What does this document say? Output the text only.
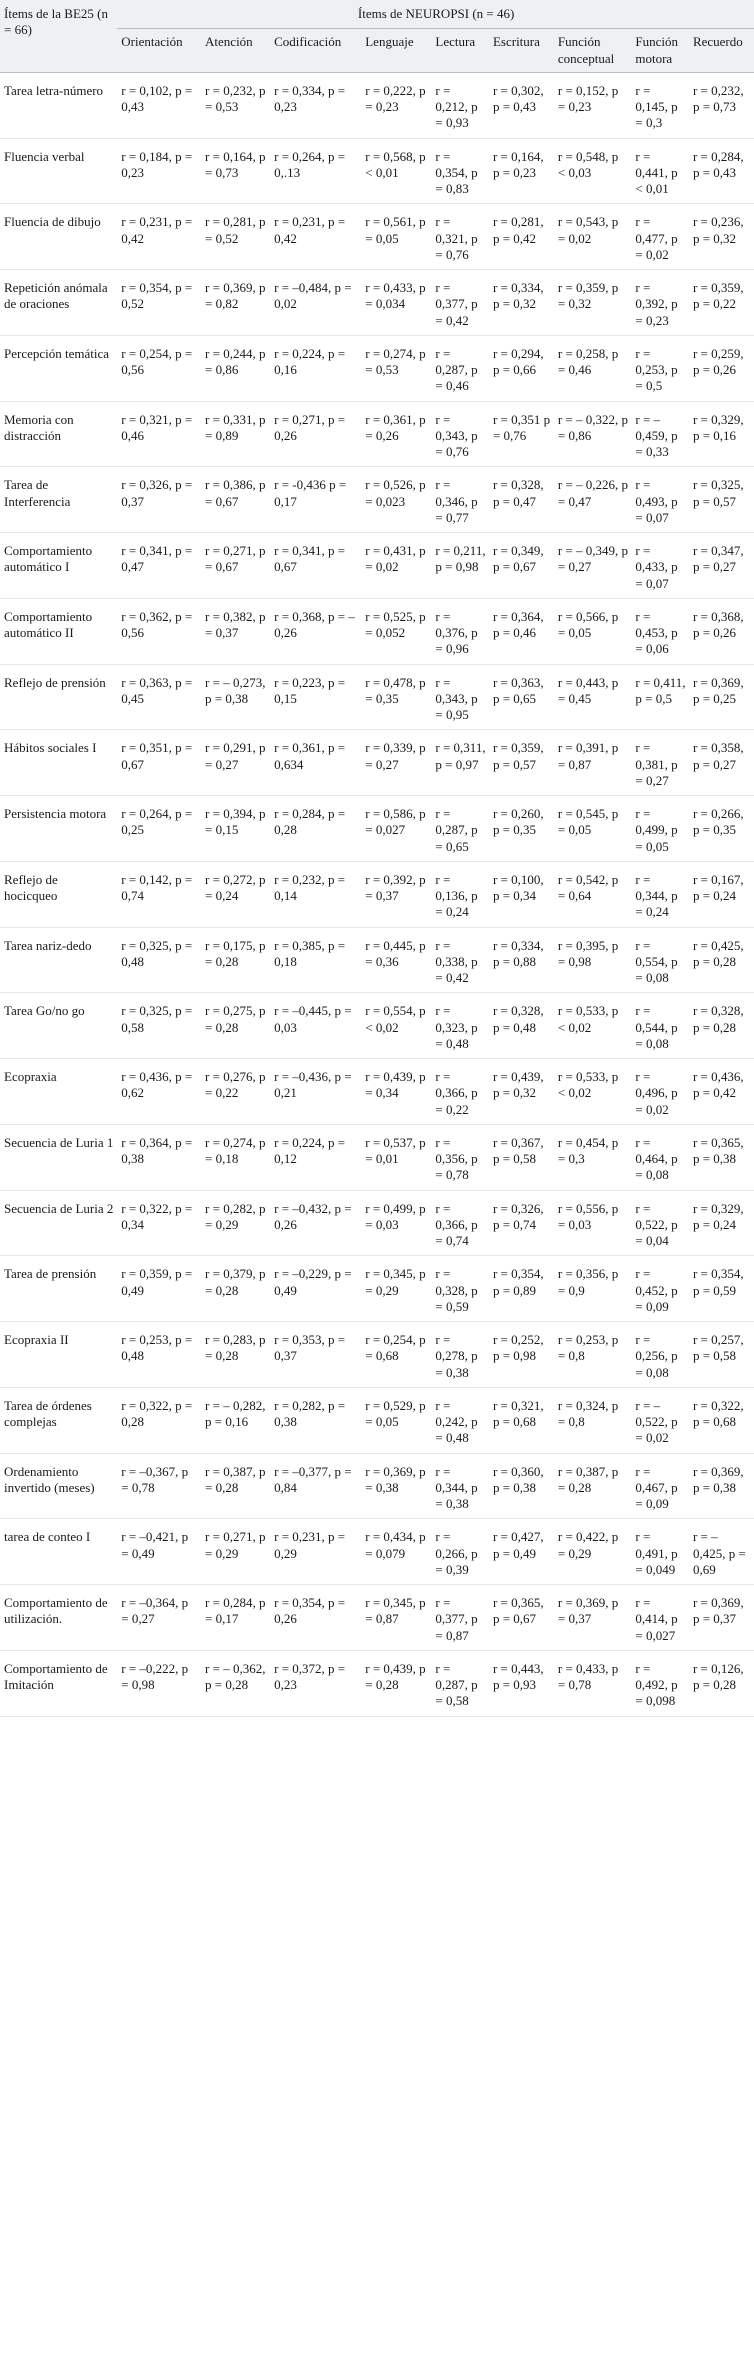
Ítems de la BE25 (n = 66)	Ítems de NEUROPSI (n = 46)								
	Orientación	Atención	Codificación	Lenguaje	Lectura	Escritura	Función conceptual	Función motora	Recuerdo
Tarea letra-número	r = 0,102, p = 0,43	r = 0,232, p = 0,53	r = 0,334, p = 0,23	r = 0,222, p = 0,23	r = 0,212, p = 0,93	r = 0,302, p = 0,43	r = 0,152, p = 0,23	r = 0,145, p = 0,3	r = 0,232, p = 0,73
Fluencia verbal	r = 0,184, p = 0,23	r = 0,164, p = 0,73	r = 0,264, p = 0,.13	r = 0,568, p < 0,01	r = 0,354, p = 0,83	r = 0,164, p = 0,23	r = 0,548, p < 0,03	r = 0,441, p < 0,01	r = 0,284, p = 0,43
Fluencia de dibujo	r = 0,231, p = 0,42	r = 0,281, p = 0,52	r = 0,231, p = 0,42	r = 0,561, p = 0,05	r = 0,321, p = 0,76	r = 0,281, p = 0,42	r = 0,543, p = 0,02	r = 0,477, p = 0,02	r = 0,236, p = 0,32
Repetición anómala de oraciones	r = 0,354, p = 0,52	r = 0,369, p = 0,82	r = –0,484, p = 0,02	r = 0,433, p = 0,034	r = 0,377, p = 0,42	r = 0,334, p = 0,32	r = 0,359, p = 0,32	r = 0,392, p = 0,23	r = 0,359, p = 0,22
Percepción temática	r = 0,254, p = 0,56	r = 0,244, p = 0,86	r = 0,224, p = 0,16	r = 0,274, p = 0,53	r = 0,287, p = 0,46	r = 0,294, p = 0,66	r = 0,258, p = 0,46	r = 0,253, p = 0,5	r = 0,259, p = 0,26
Memoria con distracción	r = 0,321, p = 0,46	r = 0,331, p = 0,89	r = 0,271, p = 0,26	r = 0,361, p = 0,26	r = 0,343, p = 0,76	r = 0,351 p = 0,76	r = – 0,322, p = 0,86	r = – 0,459, p = 0,33	r = 0,329, p = 0,16
Tarea de Interferencia	r = 0,326, p = 0,37	r = 0,386, p = 0,67	r = -0,436 p = 0,17	r = 0,526, p = 0,023	r = 0,346, p = 0,77	r = 0,328, p = 0,47	r = – 0,226, p = 0,47	r = 0,493, p = 0,07	r = 0,325, p = 0,57
Comportamiento automático I	r = 0,341, p = 0,47	r = 0,271, p = 0,67	r = 0,341, p = 0,67	r = 0,431, p = 0,02	r = 0,211, p = 0,98	r = 0,349, p = 0,67	r = – 0,349, p = 0,27	r = 0,433, p = 0,07	r = 0,347, p = 0,27
Comportamiento automático II	r = 0,362, p = 0,56	r = 0,382, p = 0,37	r = 0,368, p = –0,26	r = 0,525, p = 0,052	r = 0,376, p = 0,96	r = 0,364, p = 0,46	r = 0,566, p = 0,05	r = 0,453, p = 0,06	r = 0,368, p = 0,26
Reflejo de prensión	r = 0,363, p = 0,45	r = – 0,273, p = 0,38	r = 0,223, p = 0,15	r = 0,478, p = 0,35	r = 0,343, p = 0,95	r = 0,363, p = 0,65	r = 0,443, p = 0,45	r = 0,411, p = 0,5	r = 0,369, p = 0,25
Hábitos sociales I	r = 0,351, p = 0,67	r = 0,291, p = 0,27	r = 0,361, p = 0,634	r = 0,339, p = 0,27	r = 0,311, p = 0,97	r = 0,359, p = 0,57	r = 0,391, p = 0,87	r = 0,381, p = 0,27	r = 0,358, p = 0,27
Persistencia motora	r = 0,264, p = 0,25	r = 0,394, p = 0,15	r = 0,284, p = 0,28	r = 0,586, p = 0,027	r = 0,287, p = 0,65	r = 0,260, p = 0,35	r = 0,545, p = 0,05	r = 0,499, p = 0,05	r = 0,266, p = 0,35
Reflejo de hocicqueo	r = 0,142, p = 0,74	r = 0,272, p = 0,24	r = 0,232, p = 0,14	r = 0,392, p = 0,37	r = 0,136, p = 0,24	r = 0,100, p = 0,34	r = 0,542, p = 0,64	r = 0,344, p = 0,24	r = 0,167, p = 0,24
Tarea nariz-dedo	r = 0,325, p = 0,48	r = 0,175, p = 0,28	r = 0,385, p = 0,18	r = 0,445, p = 0,36	r = 0,338, p = 0,42	r = 0,334, p = 0,88	r = 0,395, p = 0,98	r = 0,554, p = 0,08	r = 0,425, p = 0,28
Tarea Go/no go	r = 0,325, p = 0,58	r = 0,275, p = 0,28	r = –0,445, p = 0,03	r = 0,554, p < 0,02	r = 0,323, p = 0,48	r = 0,328, p = 0,48	r = 0,533, p < 0,02	r = 0,544, p = 0,08	r = 0,328, p = 0,28
Ecopraxia	r = 0,436, p = 0,62	r = 0,276, p = 0,22	r = –0,436, p = 0,21	r = 0,439, p = 0,34	r = 0,366, p = 0,22	r = 0,439, p = 0,32	r = 0,533, p < 0,02	r = 0,496, p = 0,02	r = 0,436, p = 0,42
Secuencia de Luria 1	r = 0,364, p = 0,38	r = 0,274, p = 0,18	r = 0,224, p = 0,12	r = 0,537, p = 0,01	r = 0,356, p = 0,78	r = 0,367, p = 0,58	r = 0,454, p = 0,3	r = 0,464, p = 0,08	r = 0,365, p = 0,38
Secuencia de Luria 2	r = 0,322, p = 0,34	r = 0,282, p = 0,29	r = –0,432, p = 0,26	r = 0,499, p = 0,03	r = 0,366, p = 0,74	r = 0,326, p = 0,74	r = 0,556, p = 0,03	r = 0,522, p = 0,04	r = 0,329, p = 0,24
Tarea de prensión	r = 0,359, p = 0,49	r = 0,379, p = 0,28	r = –0,229, p = 0,49	r = 0,345, p = 0,29	r = 0,328, p = 0,59	r = 0,354, p = 0,89	r = 0,356, p = 0,9	r = 0,452, p = 0,09	r = 0,354, p = 0,59
Ecopraxia II	r = 0,253, p = 0,48	r = 0,283, p = 0,28	r = 0,353, p = 0,37	r = 0,254, p = 0,68	r = 0,278, p = 0,38	r = 0,252, p = 0,98	r = 0,253, p = 0,8	r = 0,256, p = 0,08	r = 0,257, p = 0,58
Tarea de órdenes complejas	r = 0,322, p = 0,28	r = – 0,282, p = 0,16	r = 0,282, p = 0,38	r = 0,529, p = 0,05	r = 0,242, p = 0,48	r = 0,321, p = 0,68	r = 0,324, p = 0,8	r = – 0,522, p = 0,02	r = 0,322, p = 0,68
Ordenamiento invertido (meses)	r = –0,367, p = 0,78	r = 0,387, p = 0,28	r = –0,377, p = 0,84	r = 0,369, p = 0,38	r = 0,344, p = 0,38	r = 0,360, p = 0,38	r = 0,387, p = 0,28	r = 0,467, p = 0,09	r = 0,369, p = 0,38
tarea de conteo I	r = –0,421, p = 0,49	r = 0,271, p = 0,29	r = 0,231, p = 0,29	r = 0,434, p = 0,079	r = 0,266, p = 0,39	r = 0,427, p = 0,49	r = 0,422, p = 0,29	r = 0,491, p = 0,049	r = – 0,425, p = 0,69
Comportamiento de utilización.	r = –0,364, p = 0,27	r = 0,284, p = 0,17	r = 0,354, p = 0,26	r = 0,345, p = 0,87	r = 0,377, p = 0,87	r = 0,365, p = 0,67	r = 0,369, p = 0,37	r = 0,414, p = 0,027	r = 0,369, p = 0,37
Comportamiento de Imitación	r = –0,222, p = 0,98	r = – 0,362, p = 0,28	r = 0,372, p = 0,23	r = 0,439, p = 0,28	r = 0,287, p = 0,58	r = 0,443, p = 0,93	r = 0,433, p = 0,78	r = 0,492, p = 0,098	r = 0,126, p = 0,28
